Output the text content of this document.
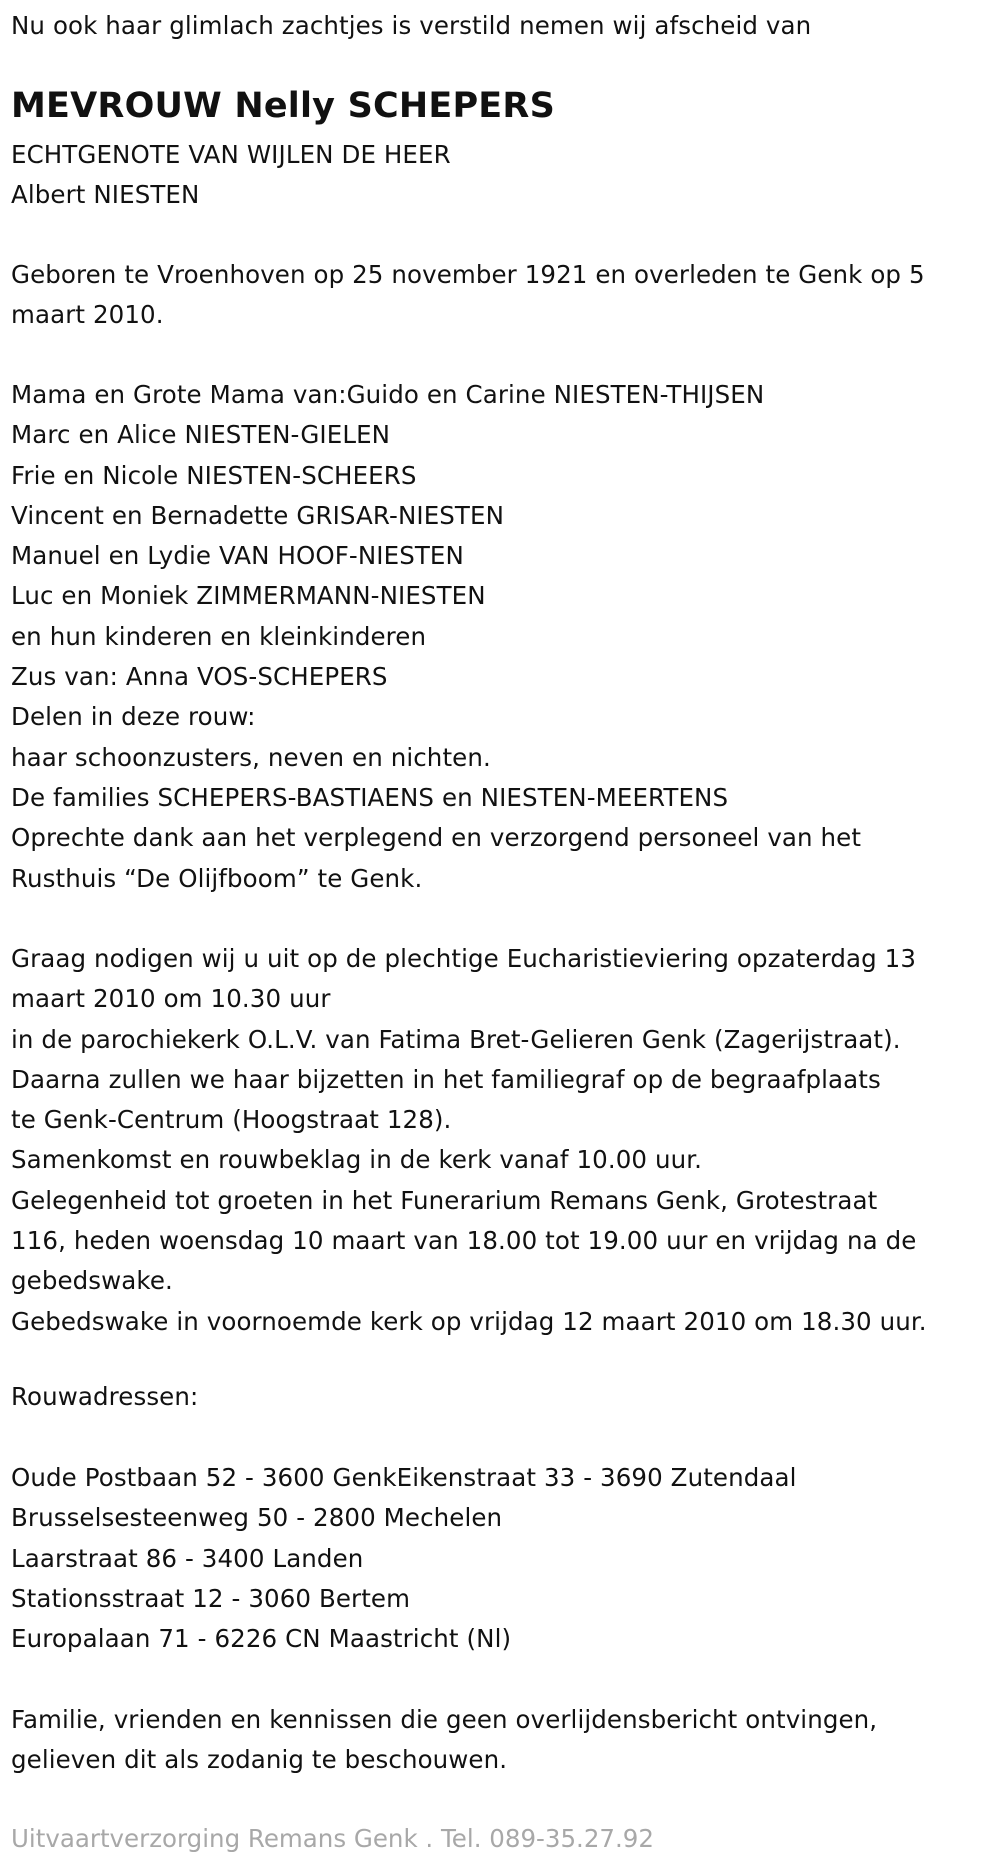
Nu ook haar glimlach zachtjes is verstild nemen wij afscheid van
MEVROUW Nelly SCHEPERS
ECHTGENOTE VAN WIJLEN DE HEER
Albert NIESTEN
Geboren te Vroenhoven op 25 november 1921 en overleden te Genk op 5
maart 2010.
Mama en Grote Mama van:Guido en Carine NIESTEN-THIJSEN
Marc en Alice NIESTEN-GIELEN
Frie en Nicole NIESTEN-SCHEERS
Vincent en Bernadette GRISAR-NIESTEN
Manuel en Lydie VAN HOOF-NIESTEN
Luc en Moniek ZIMMERMANN-NIESTEN
en hun kinderen en kleinkinderen
Zus van: Anna VOS-SCHEPERS
Delen in deze rouw:
haar schoonzusters, neven en nichten.
De families SCHEPERS-BASTIAENS en NIESTEN-MEERTENS
Oprechte dank aan het verplegend en verzorgend personeel van het
Rusthuis “De Olijfboom” te Genk.
Graag nodigen wij u uit op de plechtige Eucharistieviering opzaterdag 13
maart 2010 om 10.30 uur
in de parochiekerk O.L.V. van Fatima Bret-Gelieren Genk (Zagerijstraat).
Daarna zullen we haar bijzetten in het familiegraf op de begraafplaats
te Genk-Centrum (Hoogstraat 128).
Samenkomst en rouwbeklag in de kerk vanaf 10.00 uur.
Gelegenheid tot groeten in het Funerarium Remans Genk, Grotestraat
116, heden woensdag 10 maart van 18.00 tot 19.00 uur en vrijdag na de
gebedswake.
Gebedswake in voornoemde kerk op vrijdag 12 maart 2010 om 18.30 uur.
Rouwadressen:
Oude Postbaan 52 - 3600 GenkEikenstraat 33 - 3690 Zutendaal
Brusselsesteenweg 50 - 2800 Mechelen
Laarstraat 86 - 3400 Landen
Stationsstraat 12 - 3060 Bertem
Europalaan 71 - 6226 CN Maastricht (Nl)
Familie, vrienden en kennissen die geen overlijdensbericht ontvingen,
gelieven dit als zodanig te beschouwen.
Uitvaartverzorging Remans Genk . Tel. 089-35.27.92
